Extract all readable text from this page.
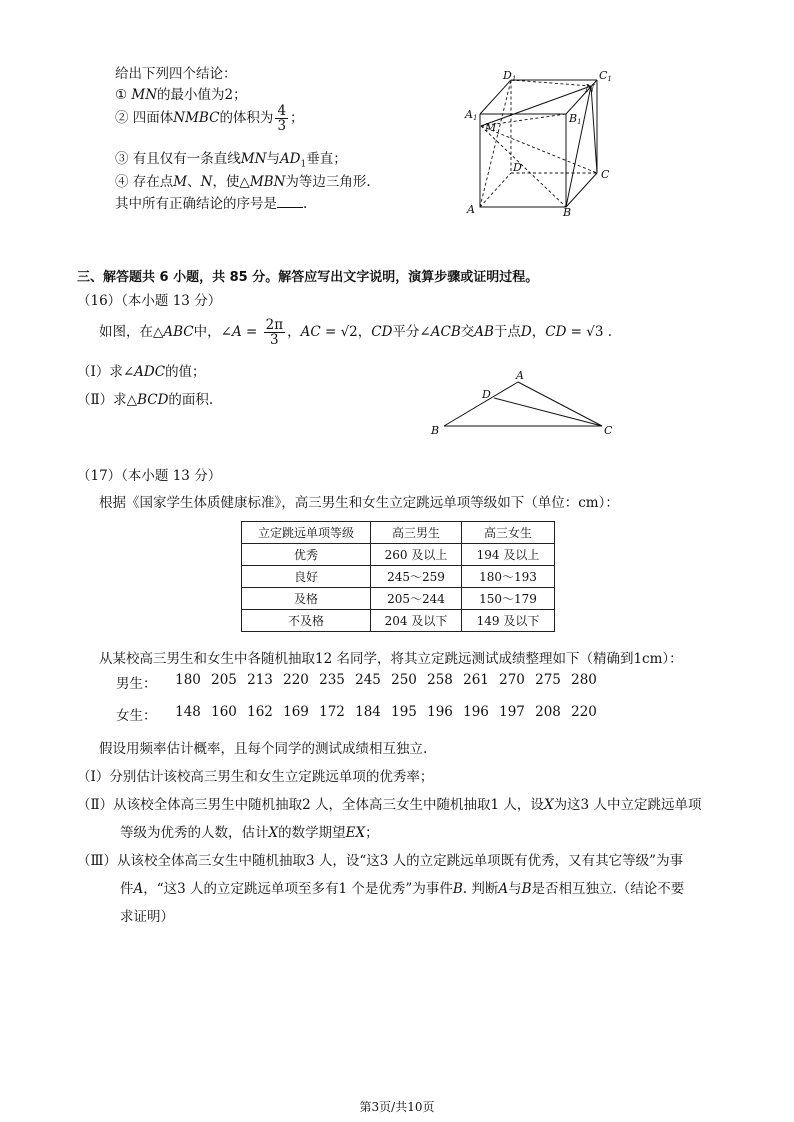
给出下列四个结论：
① MN的最小值为2；
② 四面体NMBC的体积为 $\frac{4}{3}$ ；
③ 有且仅有一条直线MN与$AD_1$垂直；
④ 存在点M、N，使△MBN为等边三角形.
其中所有正确结论的序号是 .
D1	C1
A1	B1
N
M
D
C
A	B
三、解答题共 6 小题，共 85 分。解答应写出文字说明，演算步骤或证明过程。
（16）（本小题 13 分）
如图，在△ABC中，∠A = $\frac{2\pi}{3}$ ，AC = √2，CD平分∠ACB交AB于点D，CD = √3 .
（Ⅰ）求∠ADC的值；
（Ⅱ）求△BCD的面积.
A
D
B	C
（17）（本小题 13 分）
根据《国家学生体质健康标准》，高三男生和女生立定跳远单项等级如下（单位：cm）：
立定跳远单项等级	高三男生	高三女生
优秀	260 及以上	194 及以上
良好	245～259	180～193
及格	205～244	150～179
不及格	204 及以下	149 及以下
从某校高三男生和女生中各随机抽取12 名同学，将其立定跳远测试成绩整理如下（精确到1cm）：
男生：	180 205 213 220 235 245 250 258 261 270 275 280
女生：	148 160 162 169 172 184 195 196 196 197 208 220
假设用频率估计概率，且每个同学的测试成绩相互独立.
（Ⅰ）分别估计该校高三男生和女生立定跳远单项的优秀率；
（Ⅱ）从该校全体高三男生中随机抽取2 人，全体高三女生中随机抽取1 人，设X为这3 人中立定跳远单项
等级为优秀的人数，估计X的数学期望EX；
（Ⅲ）从该校全体高三女生中随机抽取3 人，设“这3 人的立定跳远单项既有优秀，又有其它等级”为事
件A，“这3 人的立定跳远单项至多有1 个是优秀”为事件B. 判断A与B是否相互独立.（结论不要
求证明）
第3页/共10页
